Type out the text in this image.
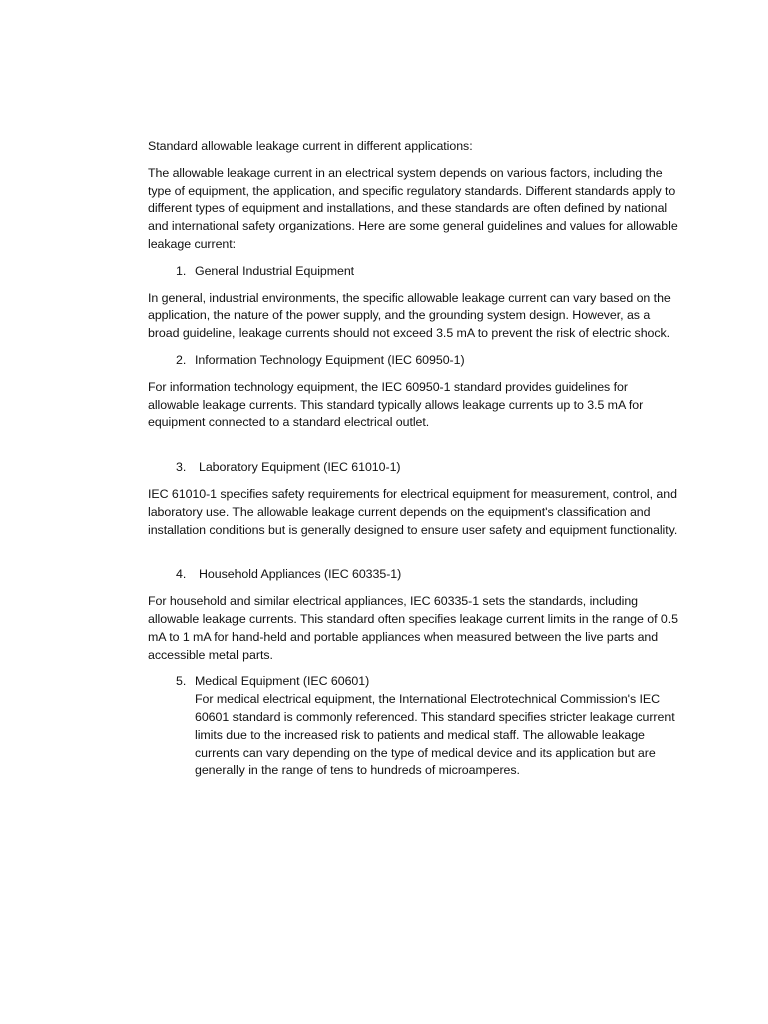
Standard allowable leakage current in different applications:

The allowable leakage current in an electrical system depends on various factors, including the type of equipment, the application, and specific regulatory standards. Different standards apply to different types of equipment and installations, and these standards are often defined by national and international safety organizations. Here are some general guidelines and values for allowable leakage current:

1. General Industrial Equipment

In general, industrial environments, the specific allowable leakage current can vary based on the application, the nature of the power supply, and the grounding system design. However, as a broad guideline, leakage currents should not exceed 3.5 mA to prevent the risk of electric shock.

2. Information Technology Equipment (IEC 60950-1)

For information technology equipment, the IEC 60950-1 standard provides guidelines for allowable leakage currents. This standard typically allows leakage currents up to 3.5 mA for equipment connected to a standard electrical outlet.

3.	Laboratory Equipment (IEC 61010-1)

IEC 61010-1 specifies safety requirements for electrical equipment for measurement, control, and laboratory use. The allowable leakage current depends on the equipment's classification and installation conditions but is generally designed to ensure user safety and equipment functionality.

4.	Household Appliances (IEC 60335-1)

For household and similar electrical appliances, IEC 60335-1 sets the standards, including allowable leakage currents. This standard often specifies leakage current limits in the range of 0.5 mA to 1 mA for hand-held and portable appliances when measured between the live parts and accessible metal parts.

5. Medical Equipment (IEC 60601)
For medical electrical equipment, the International Electrotechnical Commission's IEC 60601 standard is commonly referenced. This standard specifies stricter leakage current limits due to the increased risk to patients and medical staff. The allowable leakage currents can vary depending on the type of medical device and its application but are generally in the range of tens to hundreds of microamperes.
